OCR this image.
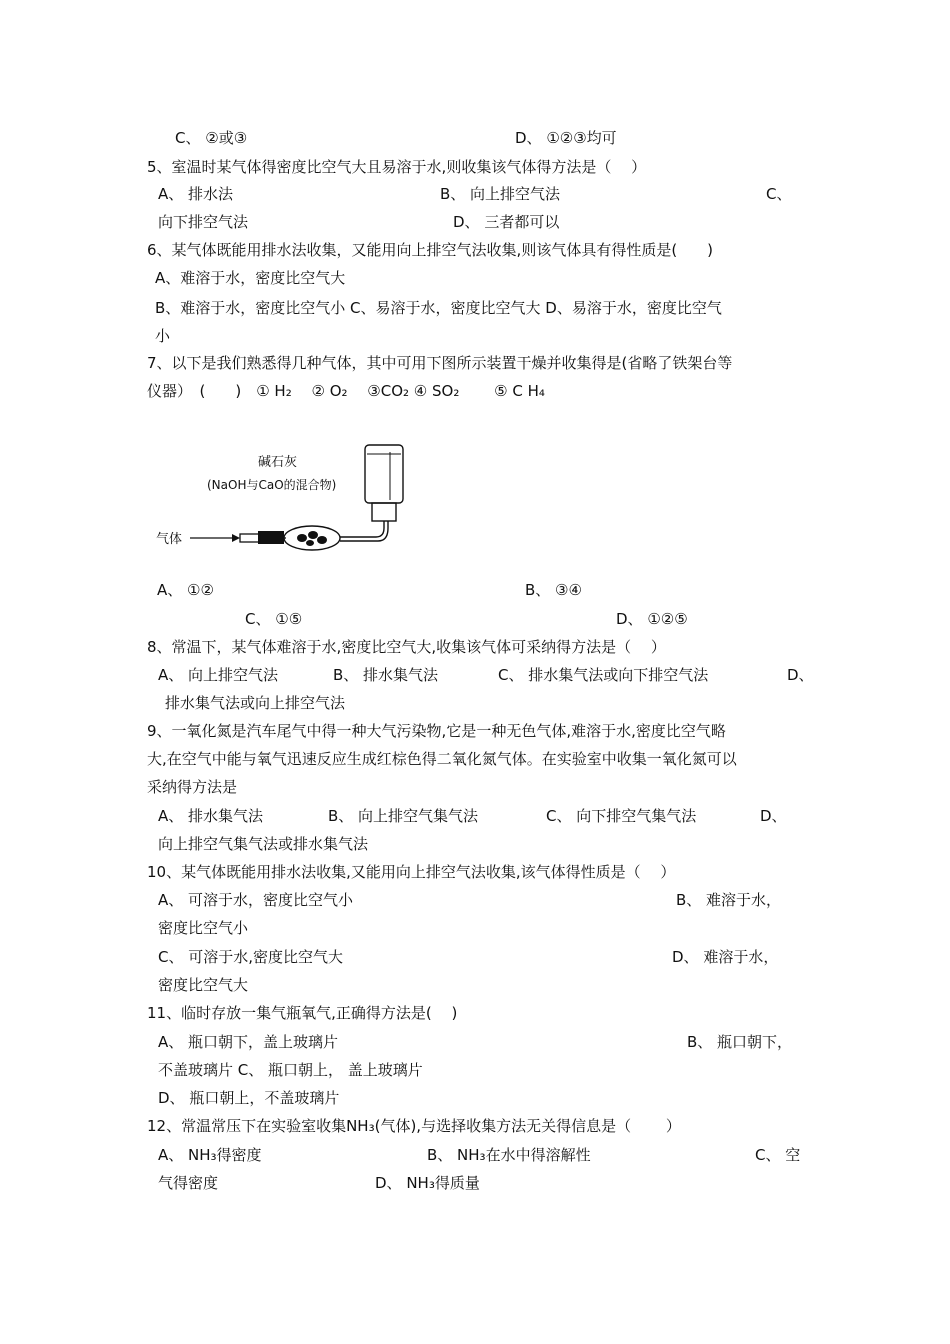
C、 ②或③	D、 ①②③均可
5、室温时某气体得密度比空气大且易溶于水,则收集该气体得方法是（　 ）
A、 排水法	B、 向上排空气法	C、
向下排空气法	D、 三者都可以
6、某气体既能用排水法收集，又能用向上排空气法收集,则该气体具有得性质是(　　)
A、难溶于水，密度比空气大
B、难溶于水，密度比空气小 C、易溶于水，密度比空气大 D、易溶于水，密度比空气
小
7、以下是我们熟悉得几种气体，其中可用下图所示装置干燥并收集得是(省略了铁架台等
仪器）　(　　)　① H₂　 ② O₂　 ③CO₂ ④ SO₂　　 ⑤ C H₄
碱石灰
(NaOH与CaO的混合物)
气体
A、 ①②	B、 ③④
C、 ①⑤	D、 ①②⑤
8、常温下，某气体难溶于水,密度比空气大,收集该气体可采纳得方法是（　 ）
A、 向上排空气法	B、 排水集气法	C、 排水集气法或向下排空气法	D、
排水集气法或向上排空气法
9、一氧化氮是汽车尾气中得一种大气污染物,它是一种无色气体,难溶于水,密度比空气略
大,在空气中能与氧气迅速反应生成红棕色得二氧化氮气体。在实验室中收集一氧化氮可以
采纳得方法是
A、 排水集气法	B、 向上排空气集气法	C、 向下排空气集气法	D、
向上排空气集气法或排水集气法
10、某气体既能用排水法收集,又能用向上排空气法收集,该气体得性质是（　 ）
A、 可溶于水，密度比空气小	B、 难溶于水，
密度比空气小
C、 可溶于水,密度比空气大	D、 难溶于水，
密度比空气大
11、临时存放一集气瓶氧气,正确得方法是(　 )
A、 瓶口朝下，盖上玻璃片	B、 瓶口朝下，
不盖玻璃片 C、 瓶口朝上， 盖上玻璃片
D、 瓶口朝上，不盖玻璃片
12、常温常压下在实验室收集NH₃(气体),与选择收集方法无关得信息是（　 　）
A、 NH₃得密度	B、 NH₃在水中得溶解性	C、 空
气得密度	D、 NH₃得质量
